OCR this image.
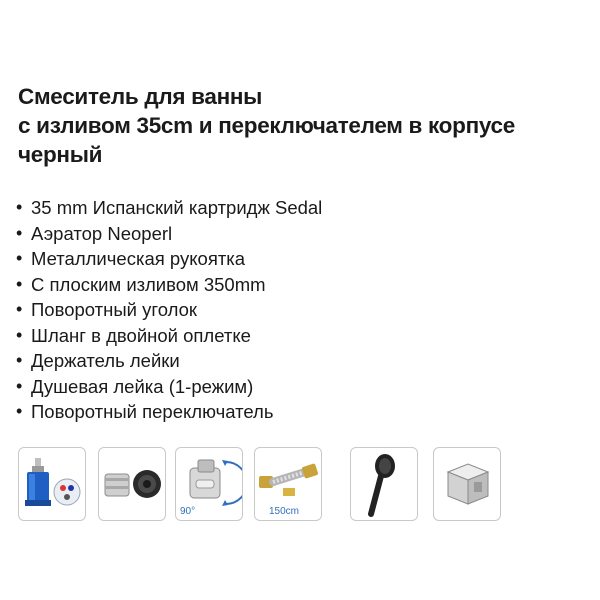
Смеситель для ванны
с изливом 35cm и переключателем в корпусе
черный
• 35 mm Испанский картридж Sedal
• Аэратор Neoperl
• Металлическая рукоятка
• С плоским изливом 350mm
• Поворотный уголок
• Шланг в двойной оплетке
• Держатель лейки
• Душевая лейка (1-режим)
• Поворотный переключатель
90°	150cm
